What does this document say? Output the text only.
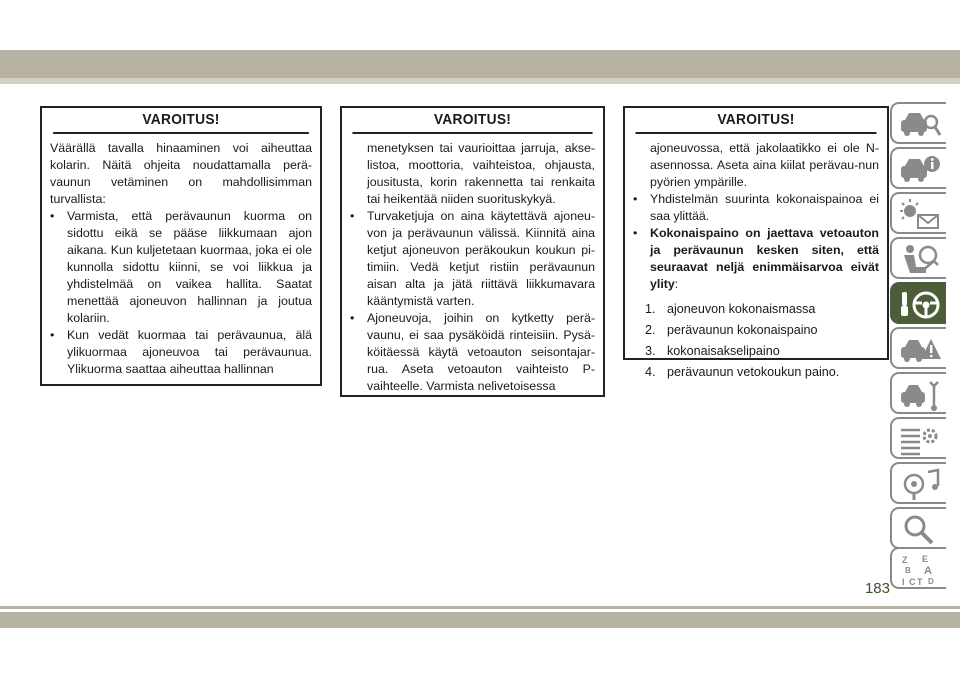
VAROITUS!

Väärällä tavalla hinaaminen voi aiheuttaa kolarin. Näitä ohjeita noudattamalla perä-vaunun vetäminen on mahdollisimman turvallista:

• Varmista, että perävaunun kuorma on sidottu eikä se pääse liikkumaan ajon aikana. Kun kuljetetaan kuormaa, joka ei ole kunnolla sidottu kiinni, se voi liikkua ja yhdistelmää on vaikea hallita. Saatat menettää ajoneuvon hallinnan ja joutua kolariin.

• Kun vedät kuormaa tai perävaunua, älä ylikuormaa ajoneuvoa tai perävaunua. Ylikuorma saattaa aiheuttaa hallinnan

VAROITUS!

menetyksen tai vaurioittaa jarruja, akse-listoa, moottoria, vaihteistoa, ohjausta, jousitusta, korin rakennetta tai renkaita tai heikentää niiden suorituskykyä.

• Turvaketjuja on aina käytettävä ajoneu-von ja perävaunun välissä. Kiinnitä aina ketjut ajoneuvon peräkoukun koukun pi-timiin. Vedä ketjut ristiin perävaunun aisan alta ja jätä riittävä liikkumavara kääntymistä varten.

• Ajoneuvoja, joihin on kytketty perä-vaunu, ei saa pysäköidä rinteisiin. Pysä-köitäessä käytä vetoauton seisontajar-rua. Aseta vetoauton vaihteisto P-vaihteelle. Varmista nelivetoisessa

VAROITUS!

ajoneuvossa, että jakolaatikko ei ole N-asennossa. Aseta aina kiilat perävau-nun pyörien ympärille.

• Yhdistelmän suurinta kokonaispainoa ei saa ylittää.

• Kokonaispaino on jaettava vetoauton ja perävaunun kesken siten, että seuraavat neljä enimmäisarvoa eivät ylity:

1. ajoneuvon kokonaismassa
2. perävaunun kokonaispaino
3. kokonaisakselipaino
4. perävaunun vetokoukun paino.
Z E
B A
I C T D
183
